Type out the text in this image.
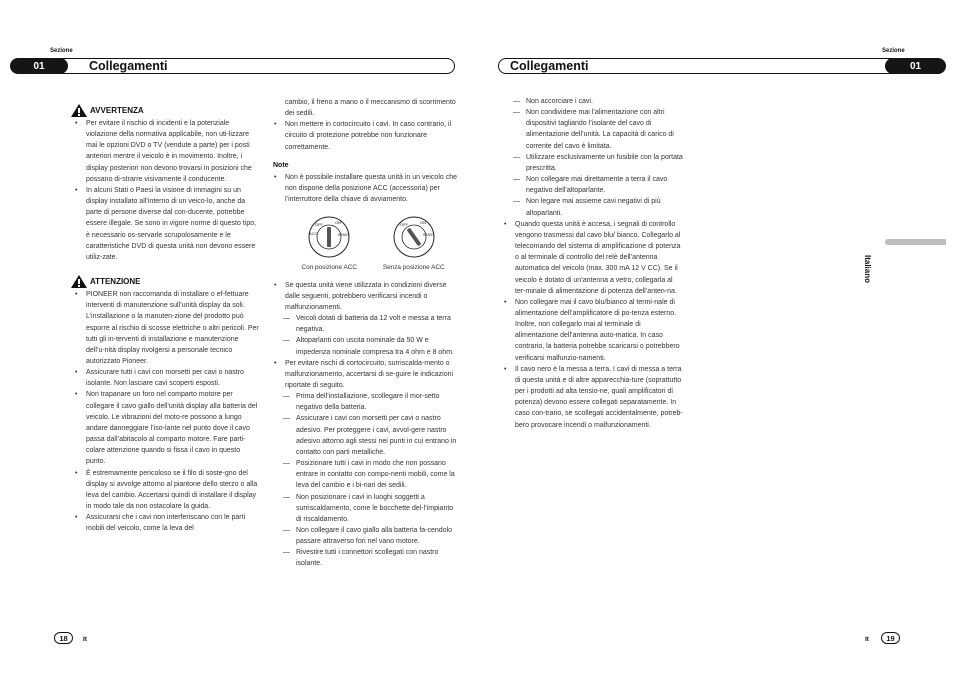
Sezione
Collegamenti
01
Sezione
Collegamenti	01
AVVERTENZA

• Per evitare il rischio di incidenti e la potenziale violazione della normativa applicabile, non uti-lizzare mai le opzioni DVD o TV (vendute a parte) per i posti anteriori mentre il veicolo è in movimento. Inoltre, i display posteriori non devono trovarsi in posizioni che possano di-strarre visivamente il conducente.

• In alcuni Stati o Paesi la visione di immagini su un display installato all’interno di un veico-lo, anche da parte di persone diverse dal con-ducente, potrebbe essere illegale. Se sono in vigore norme di questo tipo, è necessario os-servarle scrupolosamente e le caratteristiche DVD di questa unità non devono essere utiliz-zate.

ATTENZIONE

• PIONEER non raccomanda di installare o ef-fettuare interventi di manutenzione sull’unità display da soli. L’installazione o la manuten-zione del prodotto può esporre al rischio di scosse elettriche o altri pericoli. Per tutti gli in-terventi di installazione e manutenzione dell’u-nità display rivolgersi a personale tecnico autorizzato Pioneer.

• Assicurare tutti i cavi con morsetti per cavi o nastro isolante. Non lasciare cavi scoperti esposti.

• Non trapanare un foro nel comparto motore per collegare il cavo giallo dell’unità display alla batteria del veicolo. Le vibrazioni del moto-re possono a lungo andare danneggiare l’iso-lante nel punto dove il cavo passa dall’abitacolo al comparto motore. Fare parti-colare attenzione quando si fissa il cavo in questo punto.

• È estremamente pericoloso se il filo di soste-gno del display si avvolge attorno al piantone dello sterzo o alla leva del cambio. Accertarsi quindi di installare il display in modo tale da non ostacolare la guida.

• Assicurarsi che i cavi non interferiscano con le parti mobili del veicolo, come la leva del

cambio, il freno a mano o il meccanismo di scorrimento dei sedili.

• Non mettere in cortocircuito i cavi. In caso contrario, il circuito di protezione potrebbe non funzionare correttamente.

Note

• Non è possibile installare questa unità in un veicolo che non dispone della posizione ACC (accessoria) per l’interruttore della chiave di avviamento.

OFF	ON
START
ACC
Con posizione ACC
OFF	ON
START
Senza posizione ACC

• Se questa unità viene utilizzata in condizioni diverse dalle seguenti, potrebbero verificarsi incendi o malfunzionamenti.

— Veicoli dotati di batteria da 12 volt e messa a terra negativa.

— Altoparlanti con uscita nominale da 50 W e impedenza nominale compresa tra 4 ohm e 8 ohm.

• Per evitare rischi di cortocircuito, surriscalda-mento o malfunzionamento, accertarsi di se-guire le indicazioni riportate di seguito.

— Prima dell’installazione, scollegare il mor-setto negativo della batteria.

— Assicurare i cavi con morsetti per cavi o nastro adesivo. Per proteggere i cavi, avvol-gere nastro adesivo attorno agli stessi nei punti in cui entrano in contatto con parti metalliche.

— Posizionare tutti i cavi in modo che non possano entrare in contatto con compo-nenti mobili, come la leva del cambio e i bi-nari dei sedili.

— Non posizionare i cavi in luoghi soggetti a surriscaldamento, come le bocchette del-l’impianto di riscaldamento.

— Non collegare il cavo giallo alla batteria fa-cendolo passare attraverso fori nel vano motore.

— Rivestire tutti i connettori scollegati con nastro isolante.

— Non accorciare i cavi.

— Non condividere mai l’alimentazione con altri dispositivi tagliando l’isolante del cavo di alimentazione dell’unità. La capacità di carico di corrente del cavo è limitata.

— Utilizzare esclusivamente un fusibile con la portata prescritta.

— Non collegare mai direttamente a terra il cavo negativo dell’altoparlante.

— Non legare mai assieme cavi negativi di più altoparlanti.

• Quando questa unità è accesa, i segnali di controllo vengono trasmessi dal cavo blu/ bianco. Collegarlo al telecomando del sistema di amplificazione di potenza o al terminale di controllo del relè dell’antenna automatica del veicolo (max. 300 mA 12 V CC). Se il veicolo è dotato di un’antenna a vetro, collegarla al ter-minale di alimentazione di potenza dell’anten-na.

• Non collegare mai il cavo blu/bianco al termi-nale di alimentazione dell’amplificatore di po-tenza esterno. Inoltre, non collegarlo mai al terminale di alimentazione dell’antenna auto-matica. In caso contrario, la batteria potrebbe scaricarsi o potrebbero verificarsi malfunzio-namenti.

• Il cavo nero è la messa a terra. I cavi di messa a terra di questa unità e di altre apparecchia-ture (soprattutto per i prodotti ad alta tensio-ne, quali amplificatori di potenza) devono essere collegati separatamente. In caso con-trario, se scollegati accidentalmente, potreb-bero provocare incendi o malfunzionamenti.

Italiano
18	It	It	19
